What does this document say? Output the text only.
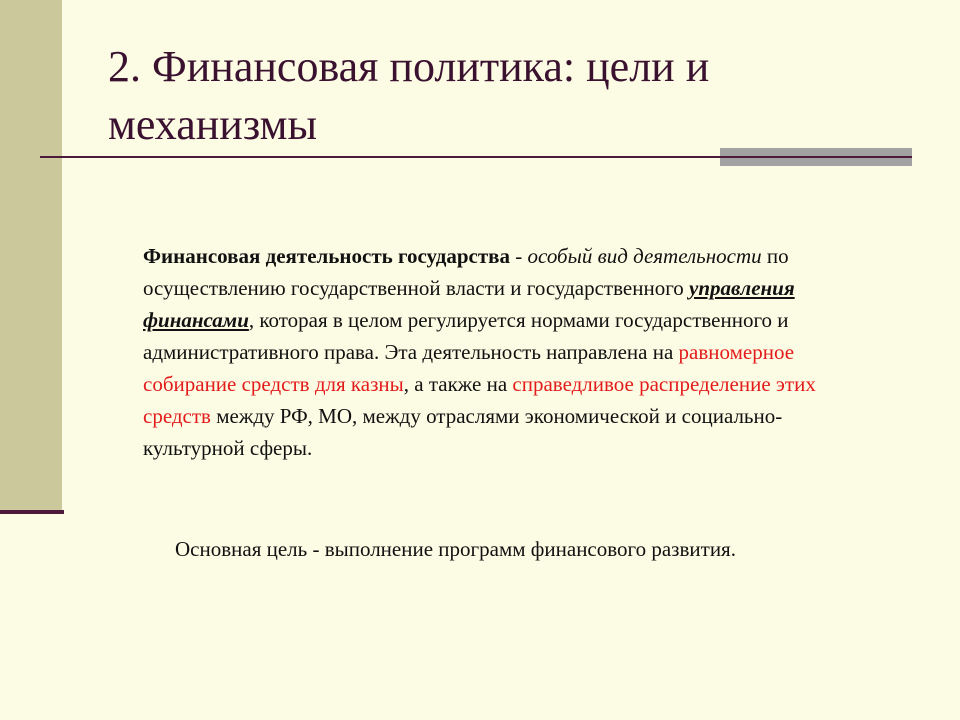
2. Финансовая политика: цели и механизмы

Финансовая деятельность государства - особый вид деятельности по осуществлению государственной власти и государственного управления финансами, которая в целом регулируется нормами государственного и административного права. Эта деятельность направлена на равномерное собирание средств для казны, а также на справедливое распределение этих средств между РФ, МО, между отраслями экономической и социально-культурной сферы.

Основная цель - выполнение программ финансового развития.
